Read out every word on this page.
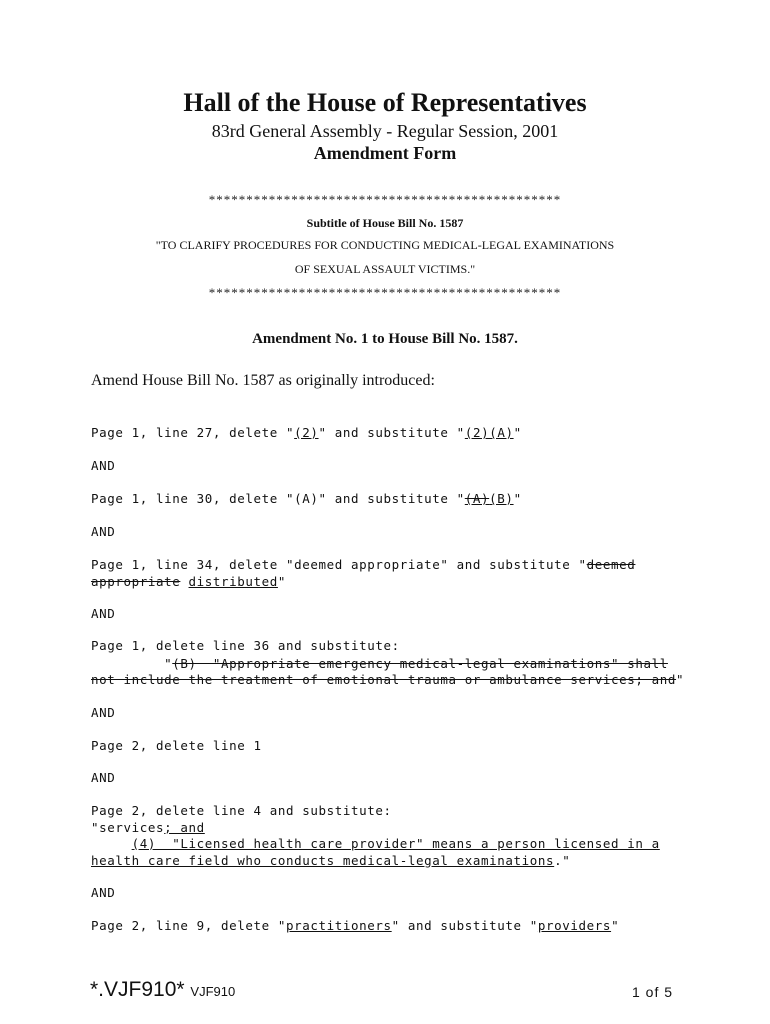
Hall of the House of Representatives
83rd General Assembly - Regular Session, 2001
Amendment Form
***********************************************
Subtitle of House Bill No. 1587
"TO CLARIFY PROCEDURES FOR CONDUCTING MEDICAL-LEGAL EXAMINATIONS
OF SEXUAL ASSAULT VICTIMS."
***********************************************
Amendment No. 1 to House Bill No. 1587.
Amend House Bill No. 1587 as originally introduced:
Page 1, line 27, delete "(2)" and substitute "(2)(A)"
AND
Page 1, line 30, delete "(A)" and substitute "(A)(B)"
AND
Page 1, line 34, delete "deemed appropriate" and substitute "deemed
appropriate distributed"
AND
Page 1, delete line 36 and substitute:
"(B)  "Appropriate emergency medical-legal examinations" shall
not include the treatment of emotional trauma or ambulance services; and"
AND
Page 2, delete line 1
AND
Page 2, delete line 4 and substitute:
"services; and
(4)  "Licensed health care provider" means a person licensed in a
health care field who conducts medical-legal examinations."
AND
Page 2, line 9, delete "practitioners" and substitute "providers"
*.VJF910* VJF910	1 of 5
